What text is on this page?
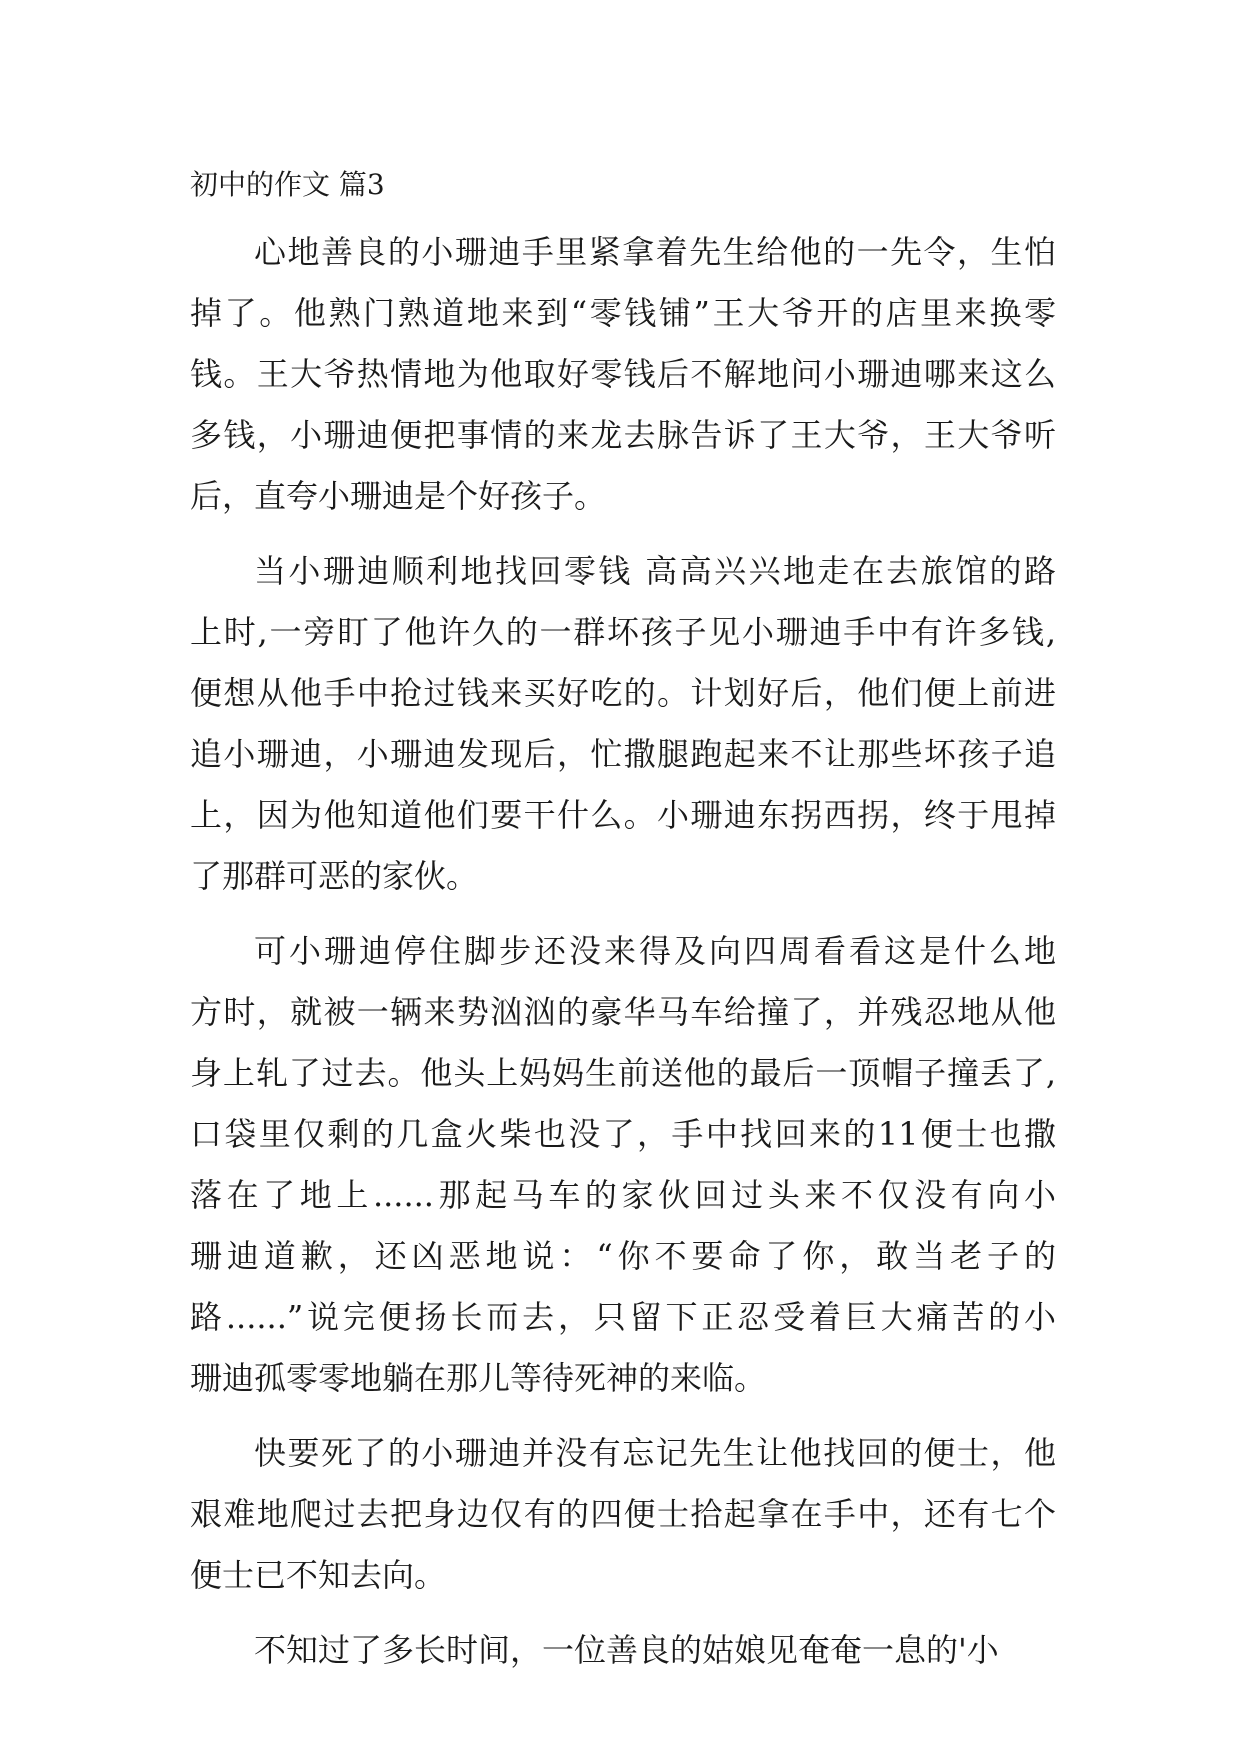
初中的作文 篇3
心地善良的小珊迪手里紧拿着先生给他的一先令，生怕
掉了。他熟门熟道地来到“零钱铺”王大爷开的店里来换零
钱。王大爷热情地为他取好零钱后不解地问小珊迪哪来这么
多钱，小珊迪便把事情的来龙去脉告诉了王大爷，王大爷听
后，直夸小珊迪是个好孩子。
当小珊迪顺利地找回零钱 高高兴兴地走在去旅馆的路
上时,一旁盯了他许久的一群坏孩子见小珊迪手中有许多钱,
便想从他手中抢过钱来买好吃的。计划好后，他们便上前进
追小珊迪，小珊迪发现后，忙撒腿跑起来不让那些坏孩子追
上，因为他知道他们要干什么。小珊迪东拐西拐，终于甩掉
了那群可恶的家伙。
可小珊迪停住脚步还没来得及向四周看看这是什么地
方时，就被一辆来势汹汹的豪华马车给撞了，并残忍地从他
身上轧了过去。他头上妈妈生前送他的最后一顶帽子撞丢了,
口袋里仅剩的几盒火柴也没了，手中找回来的11便士也撒
落在了地上......那起马车的家伙回过头来不仅没有向小
珊迪道歉，还凶恶地说：“你不要命了你，敢当老子的
路......”说完便扬长而去，只留下正忍受着巨大痛苦的小
珊迪孤零零地躺在那儿等待死神的来临。
快要死了的小珊迪并没有忘记先生让他找回的便士，他
艰难地爬过去把身边仅有的四便士拾起拿在手中，还有七个
便士已不知去向。
不知过了多长时间，一位善良的姑娘见奄奄一息的'小
